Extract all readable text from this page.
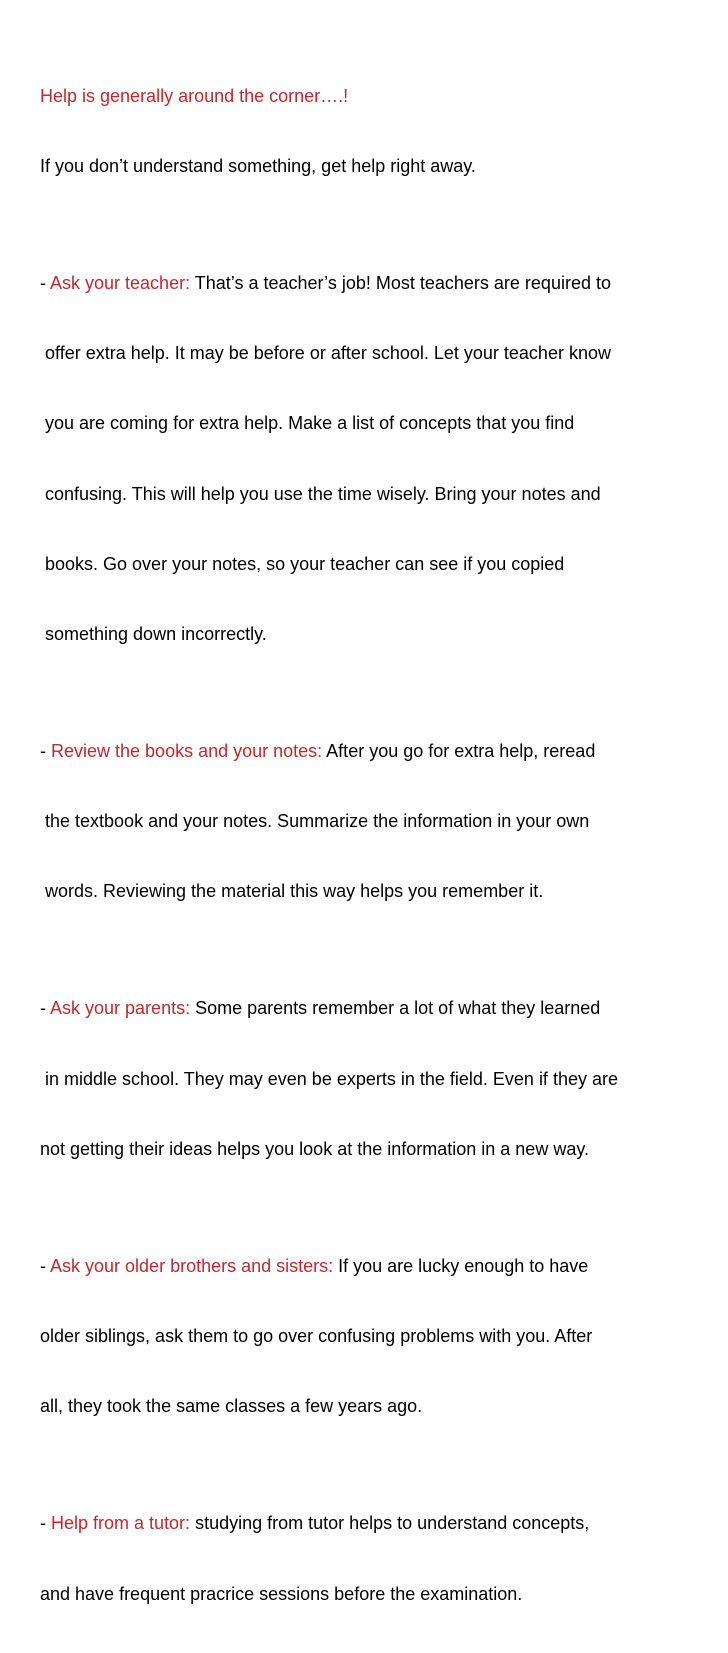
Help is generally around the corner….!

If you don’t understand something, get help right away.

- Ask your teacher: That’s a teacher’s job! Most teachers are required to

offer extra help. It may be before or after school. Let your teacher know

you are coming for extra help. Make a list of concepts that you find

confusing. This will help you use the time wisely. Bring your notes and

books. Go over your notes, so your teacher can see if you copied

something down incorrectly.

- Review the books and your notes: After you go for extra help, reread

the textbook and your notes. Summarize the information in your own

words. Reviewing the material this way helps you remember it.

- Ask your parents: Some parents remember a lot of what they learned

in middle school. They may even be experts in the field. Even if they are

not getting their ideas helps you look at the information in a new way.

- Ask your older brothers and sisters: If you are lucky enough to have

older siblings, ask them to go over confusing problems with you. After

all, they took the same classes a few years ago.

- Help from a tutor: studying from tutor helps to understand concepts,

and have frequent pracrice sessions before the examination.
